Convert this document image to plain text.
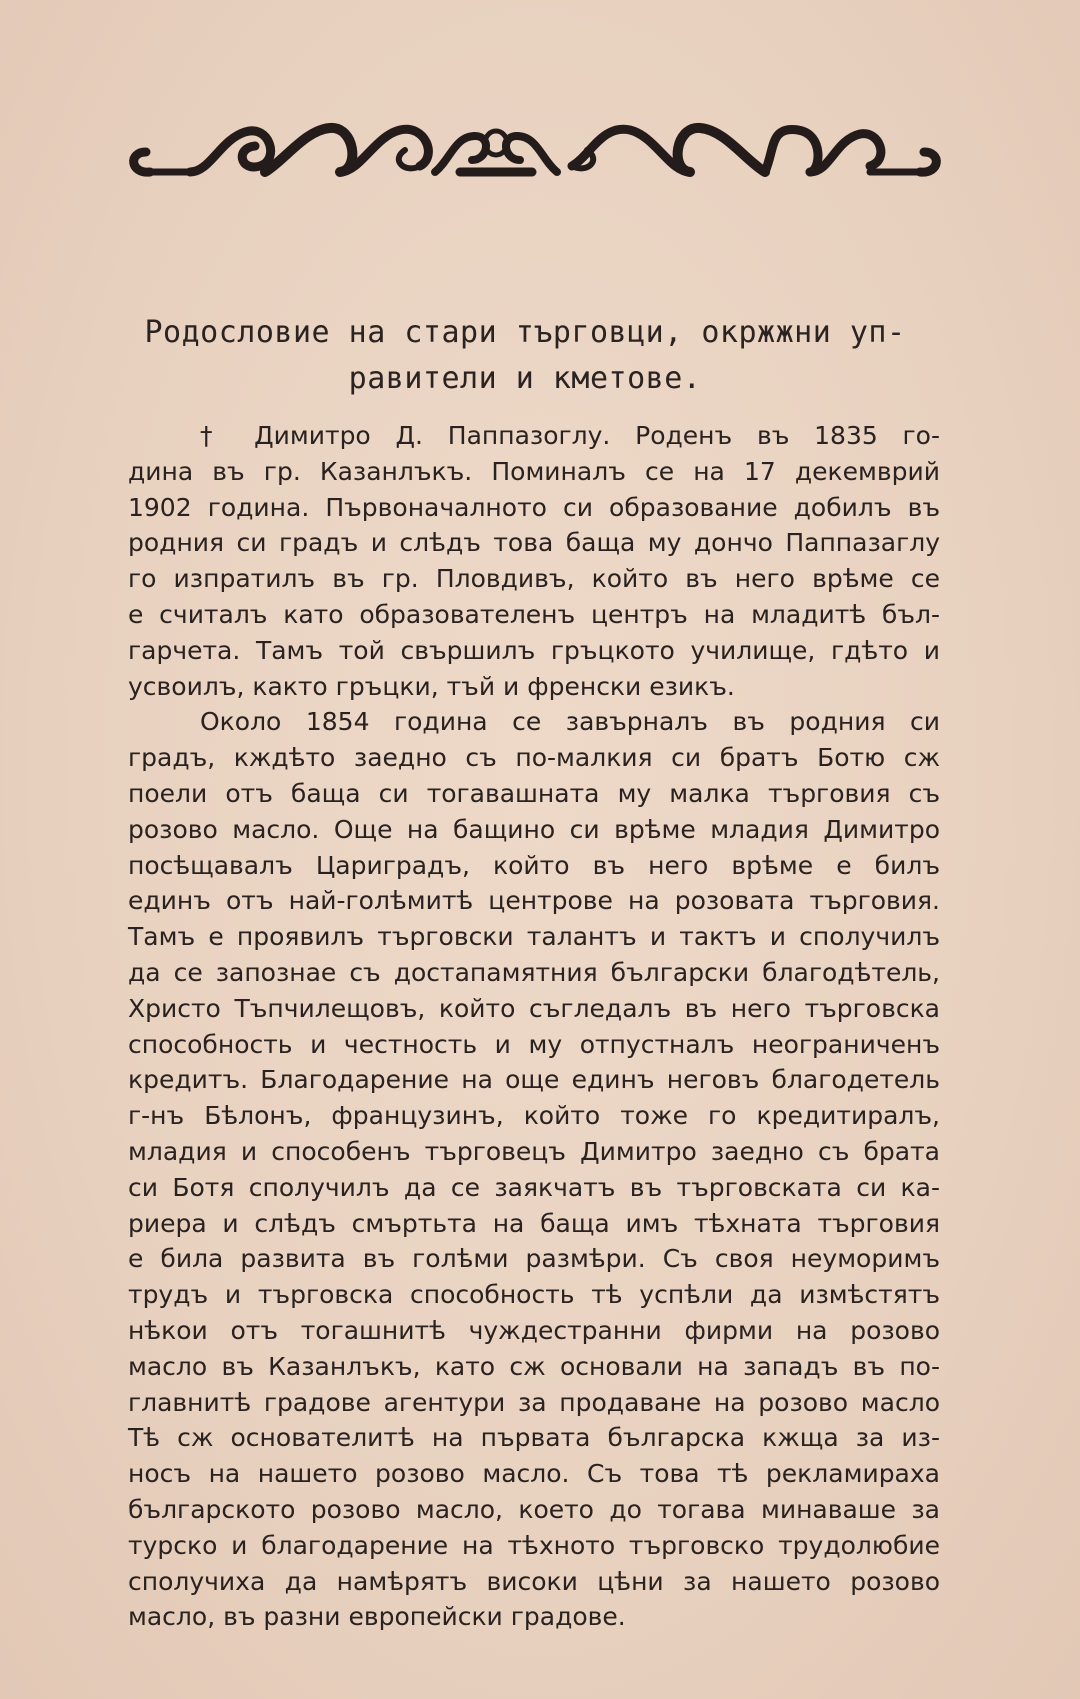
Родословие на стари търговци, окржжни уп-
равители и кметове.
† Димитро Д. Паппазоглу. Роденъ въ 1835 го-
дина въ гр. Казанлъкъ. Поминалъ се на 17 декемврий
1902 година. Първоначалното си образование добилъ въ
родния си градъ и слѣдъ това баща му дончо Паппазаглу
го изпратилъ въ гр. Пловдивъ, който въ него врѣме се
е считалъ като образователенъ центръ на младитѣ бъл-
гарчета. Тамъ той свършилъ гръцкото училище, гдѣто и
усвоилъ, както гръцки, тъй и френски езикъ.
Около 1854 година се завърналъ въ родния си
градъ, кждѣто заедно съ по-малкия си братъ Ботю сж
поели отъ баща си тогавашната му малка търговия съ
розово масло. Още на бащино си врѣме младия Димитро
посѣщавалъ Цариградъ, който въ него врѣме е билъ
единъ отъ най-голѣмитѣ центрове на розовата търговия.
Тамъ е проявилъ търговски талантъ и тактъ и сполучилъ
да се запознае съ достапамятния български благодѣтель,
Христо Тъпчилещовъ, който съгледалъ въ него търговска
способность и честность и му отпустналъ неограниченъ
кредитъ. Благодарение на още единъ неговъ благодетель
г-нъ Бѣлонъ, французинъ, който тоже го кредитиралъ,
младия и способенъ търговецъ Димитро заедно съ брата
си Ботя сполучилъ да се заякчатъ въ търговската си ка-
риера и слѣдъ смъртьта на баща имъ тѣхната търговия
е била развита въ голѣми размѣри. Съ своя неуморимъ
трудъ и търговска способность тѣ успѣли да измѣстятъ
нѣкои отъ тогашнитѣ чуждестранни фирми на розово
масло въ Казанлъкъ, като сж основали на западъ въ по-
главнитѣ градове агентури за продаване на розово масло
Тѣ сж основателитѣ на първата българска кжща за из-
носъ на нашето розово масло. Съ това тѣ рекламираха
българското розово масло, което до тогава минаваше за
турско и благодарение на тѣхното търговско трудолюбие
сполучиха да намѣрятъ високи цѣни за нашето розово
масло, въ разни европейски градове.
